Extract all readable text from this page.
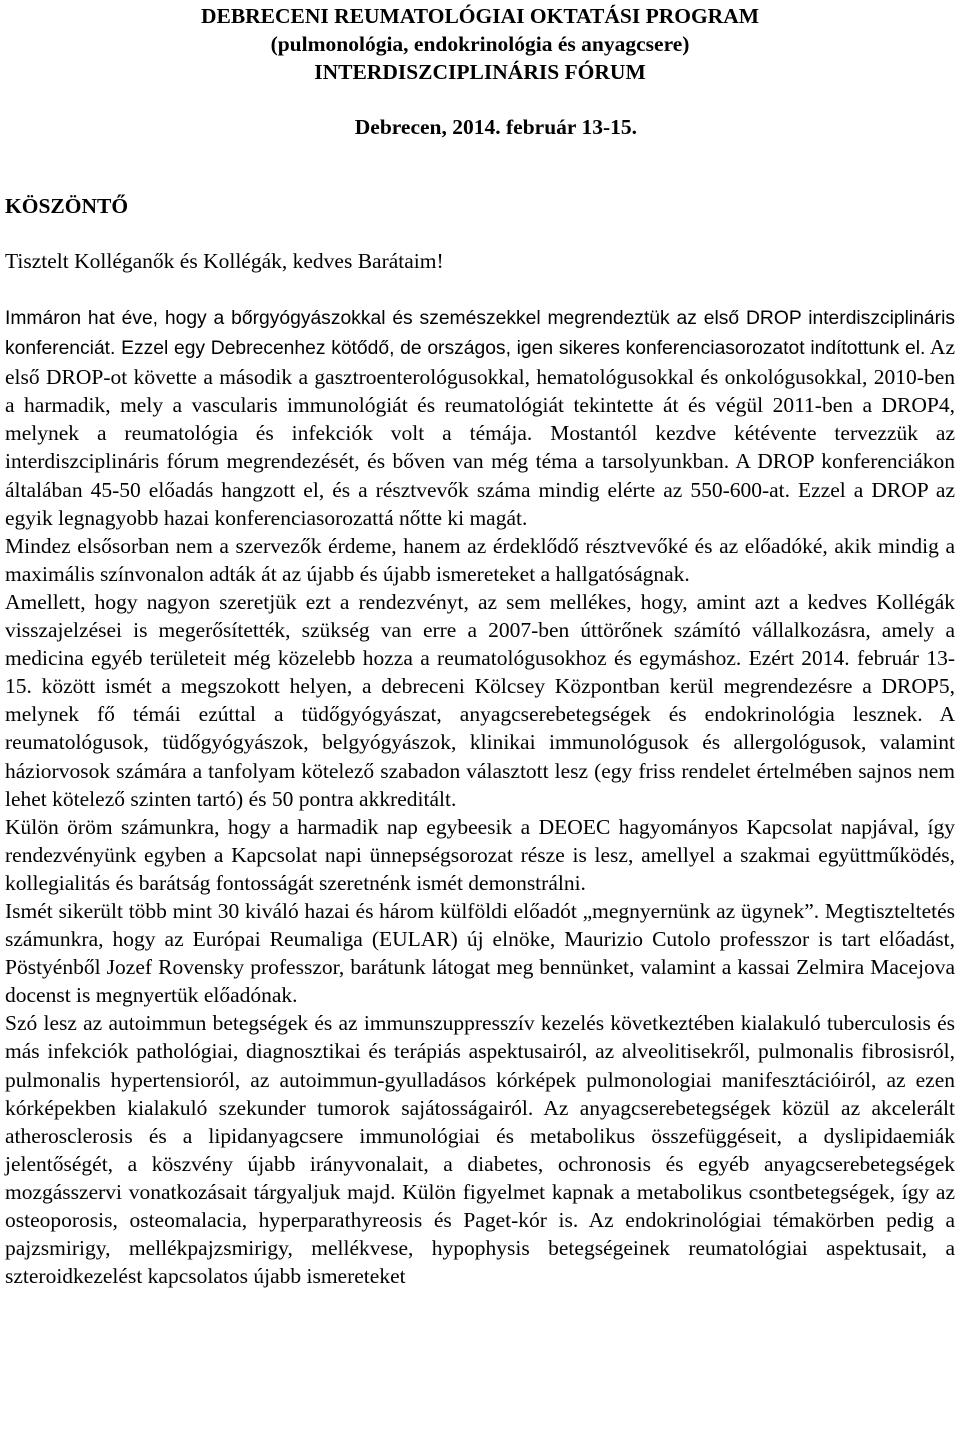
DEBRECENI REUMATOLÓGIAI OKTATÁSI PROGRAM
(pulmonológia, endokrinológia és anyagcsere)
INTERDISZCIPLINÁRIS FÓRUM
Debrecen, 2014. február 13-15.
KÖSZÖNTŐ
Tisztelt Kolléganők és Kollégák, kedves Barátaim!

Immáron hat éve, hogy a bőrgyógyászokkal és szemészekkel megrendeztük az első DROP interdiszciplináris konferenciát. Ezzel egy Debrecenhez kötődő, de országos, igen sikeres konferenciasorozatot indítottunk el. Az első DROP-ot követte a második a gasztroenterológusokkal, hematológusokkal és onkológusokkal, 2010-ben a harmadik, mely a vascularis immunológiát és reumatológiát tekintette át és végül 2011-ben a DROP4, melynek a reumatológia és infekciók volt a témája. Mostantól kezdve kétévente tervezzük az interdiszciplináris fórum megrendezését, és bőven van még téma a tarsolyunkban. A DROP konferenciákon általában 45-50 előadás hangzott el, és a résztvevők száma mindig elérte az 550-600-at. Ezzel a DROP az egyik legnagyobb hazai konferenciasorozattá nőtte ki magát.

Mindez elsősorban nem a szervezők érdeme, hanem az érdeklődő résztvevőké és az előadóké, akik mindig a maximális színvonalon adták át az újabb és újabb ismereteket a hallgatóságnak.

Amellett, hogy nagyon szeretjük ezt a rendezvényt, az sem mellékes, hogy, amint azt a kedves Kollégák visszajelzései is megerősítették, szükség van erre a 2007-ben úttörőnek számító vállalkozásra, amely a medicina egyéb területeit még közelebb hozza a reumatológusokhoz és egymáshoz. Ezért 2014. február 13-15. között ismét a megszokott helyen, a debreceni Kölcsey Központban kerül megrendezésre a DROP5, melynek fő témái ezúttal a tüdőgyógyászat, anyagcserebetegségek és endokrinológia lesznek. A reumatológusok, tüdőgyógyászok, belgyógyászok, klinikai immunológusok és allergológusok, valamint háziorvosok számára a tanfolyam kötelező szabadon választott lesz (egy friss rendelet értelmében sajnos nem lehet kötelező szinten tartó) és 50 pontra akkreditált.

Külön öröm számunkra, hogy a harmadik nap egybeesik a DEOEC hagyományos Kapcsolat napjával, így rendezvényünk egyben a Kapcsolat napi ünnepségsorozat része is lesz, amellyel a szakmai együttműködés, kollegialitás és barátság fontosságát szeretnénk ismét demonstrálni.

Ismét sikerült több mint 30 kiváló hazai és három külföldi előadót „megnyernünk az ügynek”. Megtiszteltetés számunkra, hogy az Európai Reumaliga (EULAR) új elnöke, Maurizio Cutolo professzor is tart előadást, Pöstyénből Jozef Rovensky professzor, barátunk látogat meg bennünket, valamint a kassai Zelmira Macejova docenst is megnyertük előadónak.

Szó lesz az autoimmun betegségek és az immunszuppresszív kezelés következtében kialakuló tuberculosis és más infekciók pathológiai, diagnosztikai és terápiás aspektusairól, az alveolitisekről, pulmonalis fibrosisról, pulmonalis hypertensioról, az autoimmun-gyulladásos kórképek pulmonologiai manifesztációiról, az ezen kórképekben kialakuló szekunder tumorok sajátosságairól. Az anyagcserebetegségek közül az akcelerált atherosclerosis és a lipidanyagcsere immunológiai és metabolikus összefüggéseit, a dyslipidaemiák jelentőségét, a köszvény újabb irányvonalait, a diabetes, ochronosis és egyéb anyagcserebetegségek mozgásszervi vonatkozásait tárgyaljuk majd. Külön figyelmet kapnak a metabolikus csontbetegségek, így az osteoporosis, osteomalacia, hyperparathyreosis és Paget-kór is. Az endokrinológiai témakörben pedig a pajzsmirigy, mellékpajzsmirigy, mellékvese, hypophysis betegségeinek reumatológiai aspektusait, a szteroidkezelést kapcsolatos újabb ismereteket
